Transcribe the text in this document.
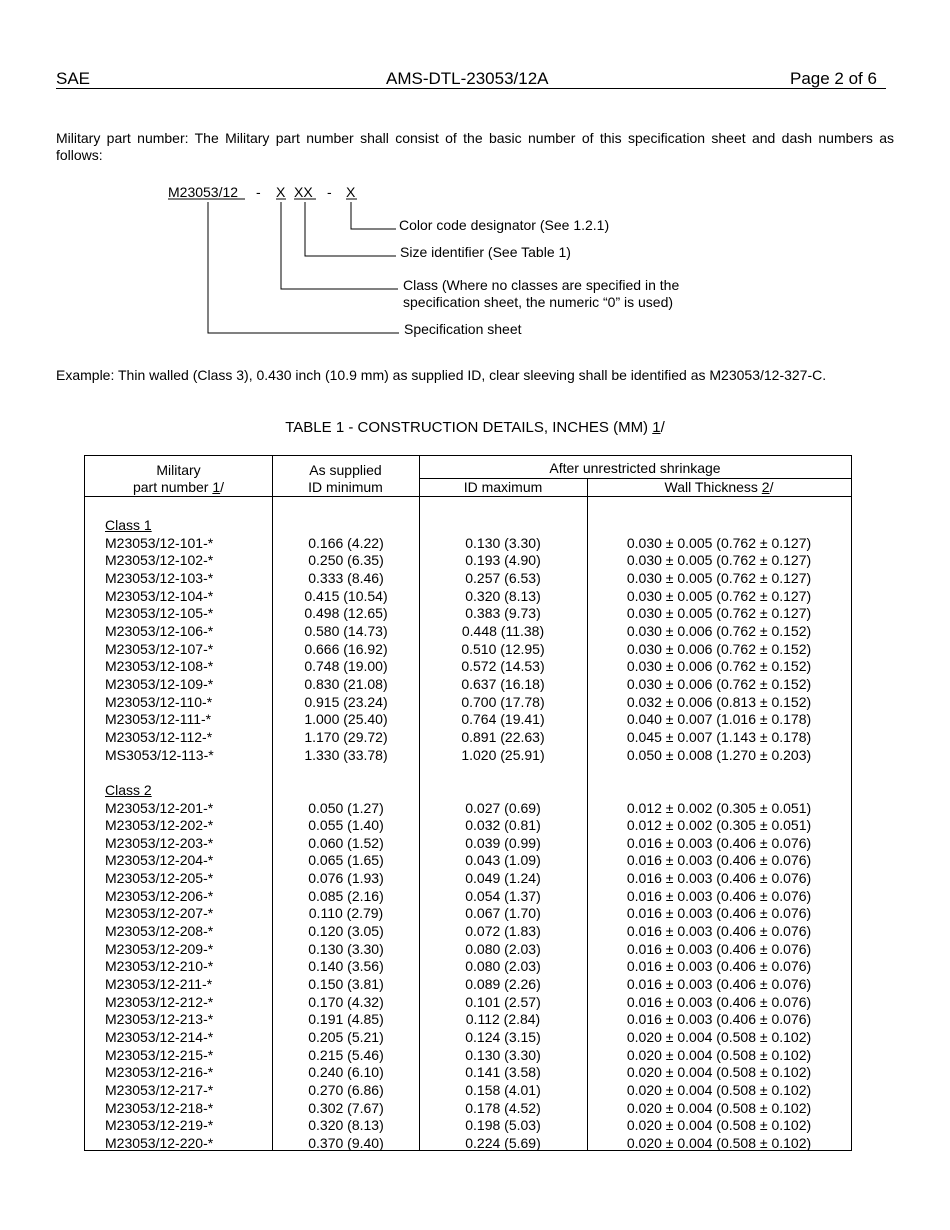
SAE	AMS-DTL-23053/12A	Page 2 of 6
Military part number: The Military part number shall consist of the basic number of this specification sheet and dash numbers as follows:
M23053/12 - X XX - X
Color code designator (See 1.2.1)
Size identifier (See Table 1)
Class (Where no classes are specified in the
specification sheet, the numeric “0” is used)
Specification sheet
Example: Thin walled (Class 3), 0.430 inch (10.9 mm) as supplied ID, clear sleeving shall be identified as M23053/12-327-C.
TABLE 1 - CONSTRUCTION DETAILS, INCHES (MM) 1/
Military
part number 1/
As supplied
ID minimum
After unrestricted shrinkage
ID maximum	Wall Thickness 2/
Class 1
M23053/12-101-*	0.166 (4.22)	0.130 (3.30)	0.030 ± 0.005 (0.762 ± 0.127)
M23053/12-102-*	0.250 (6.35)	0.193 (4.90)	0.030 ± 0.005 (0.762 ± 0.127)
M23053/12-103-*	0.333 (8.46)	0.257 (6.53)	0.030 ± 0.005 (0.762 ± 0.127)
M23053/12-104-*	0.415 (10.54)	0.320 (8.13)	0.030 ± 0.005 (0.762 ± 0.127)
M23053/12-105-*	0.498 (12.65)	0.383 (9.73)	0.030 ± 0.005 (0.762 ± 0.127)
M23053/12-106-*	0.580 (14.73)	0.448 (11.38)	0.030 ± 0.006 (0.762 ± 0.152)
M23053/12-107-*	0.666 (16.92)	0.510 (12.95)	0.030 ± 0.006 (0.762 ± 0.152)
M23053/12-108-*	0.748 (19.00)	0.572 (14.53)	0.030 ± 0.006 (0.762 ± 0.152)
M23053/12-109-*	0.830 (21.08)	0.637 (16.18)	0.030 ± 0.006 (0.762 ± 0.152)
M23053/12-110-*	0.915 (23.24)	0.700 (17.78)	0.032 ± 0.006 (0.813 ± 0.152)
M23053/12-111-*	1.000 (25.40)	0.764 (19.41)	0.040 ± 0.007 (1.016 ± 0.178)
M23053/12-112-*	1.170 (29.72)	0.891 (22.63)	0.045 ± 0.007 (1.143 ± 0.178)
MS3053/12-113-*	1.330 (33.78)	1.020 (25.91)	0.050 ± 0.008 (1.270 ± 0.203)
Class 2
M23053/12-201-*	0.050 (1.27)	0.027 (0.69)	0.012 ± 0.002 (0.305 ± 0.051)
M23053/12-202-*	0.055 (1.40)	0.032 (0.81)	0.012 ± 0.002 (0.305 ± 0.051)
M23053/12-203-*	0.060 (1.52)	0.039 (0.99)	0.016 ± 0.003 (0.406 ± 0.076)
M23053/12-204-*	0.065 (1.65)	0.043 (1.09)	0.016 ± 0.003 (0.406 ± 0.076)
M23053/12-205-*	0.076 (1.93)	0.049 (1.24)	0.016 ± 0.003 (0.406 ± 0.076)
M23053/12-206-*	0.085 (2.16)	0.054 (1.37)	0.016 ± 0.003 (0.406 ± 0.076)
M23053/12-207-*	0.110 (2.79)	0.067 (1.70)	0.016 ± 0.003 (0.406 ± 0.076)
M23053/12-208-*	0.120 (3.05)	0.072 (1.83)	0.016 ± 0.003 (0.406 ± 0.076)
M23053/12-209-*	0.130 (3.30)	0.080 (2.03)	0.016 ± 0.003 (0.406 ± 0.076)
M23053/12-210-*	0.140 (3.56)	0.080 (2.03)	0.016 ± 0.003 (0.406 ± 0.076)
M23053/12-211-*	0.150 (3.81)	0.089 (2.26)	0.016 ± 0.003 (0.406 ± 0.076)
M23053/12-212-*	0.170 (4.32)	0.101 (2.57)	0.016 ± 0.003 (0.406 ± 0.076)
M23053/12-213-*	0.191 (4.85)	0.112 (2.84)	0.016 ± 0.003 (0.406 ± 0.076)
M23053/12-214-*	0.205 (5.21)	0.124 (3.15)	0.020 ± 0.004 (0.508 ± 0.102)
M23053/12-215-*	0.215 (5.46)	0.130 (3.30)	0.020 ± 0.004 (0.508 ± 0.102)
M23053/12-216-*	0.240 (6.10)	0.141 (3.58)	0.020 ± 0.004 (0.508 ± 0.102)
M23053/12-217-*	0.270 (6.86)	0.158 (4.01)	0.020 ± 0.004 (0.508 ± 0.102)
M23053/12-218-*	0.302 (7.67)	0.178 (4.52)	0.020 ± 0.004 (0.508 ± 0.102)
M23053/12-219-*	0.320 (8.13)	0.198 (5.03)	0.020 ± 0.004 (0.508 ± 0.102)
M23053/12-220-*	0.370 (9.40)	0.224 (5.69)	0.020 ± 0.004 (0.508 ± 0.102)
